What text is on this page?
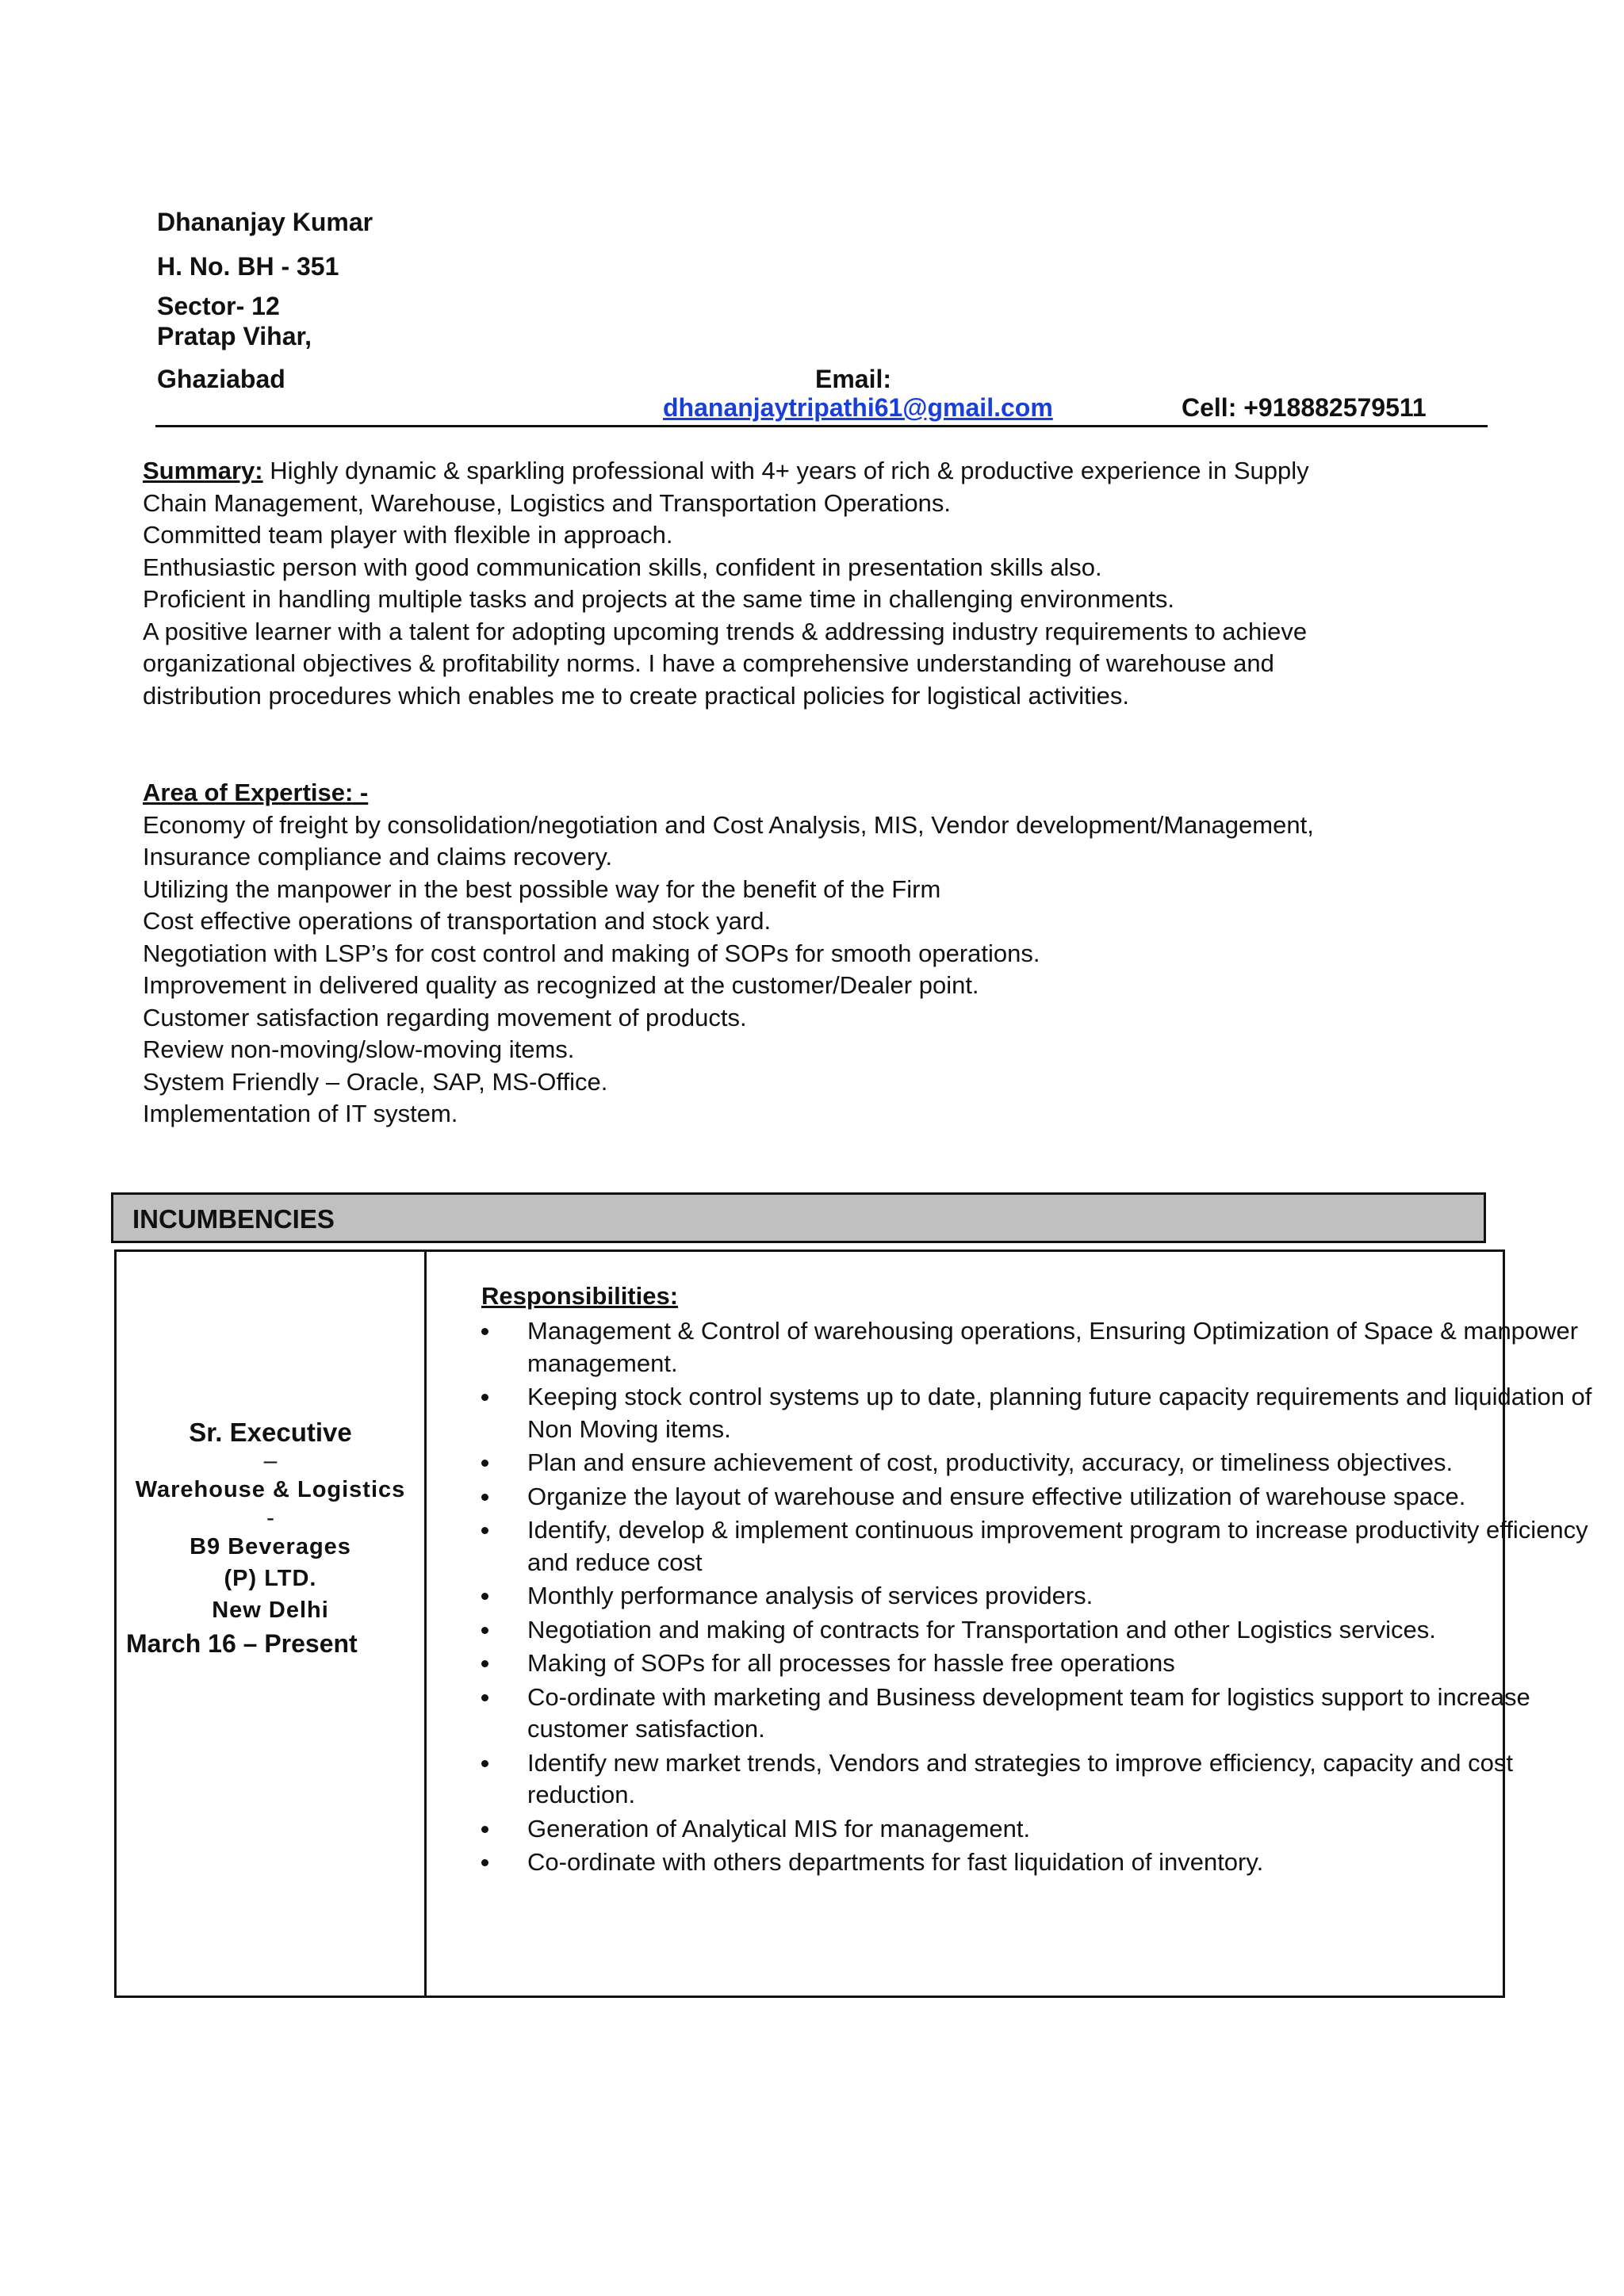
Dhananjay Kumar
H. No. BH - 351
Sector- 12
Pratap Vihar,
Ghaziabad	Email:
dhananjaytripathi61@gmail.com	Cell: +918882579511

Summary: Highly dynamic & sparkling professional with 4+ years of rich & productive experience in Supply Chain Management, Warehouse, Logistics and Transportation Operations.

Committed team player with flexible in approach.

Enthusiastic person with good communication skills, confident in presentation skills also.

Proficient in handling multiple tasks and projects at the same time in challenging environments.

A positive learner with a talent for adopting upcoming trends & addressing industry requirements to achieve organizational objectives & profitability norms. I have a comprehensive understanding of warehouse and distribution procedures which enables me to create practical policies for logistical activities.

Area of Expertise: -

Economy of freight by consolidation/negotiation and Cost Analysis, MIS, Vendor development/Management, Insurance compliance and claims recovery.

Utilizing the manpower in the best possible way for the benefit of the Firm

Cost effective operations of transportation and stock yard.

Negotiation with LSP’s for cost control and making of SOPs for smooth operations.

Improvement in delivered quality as recognized at the customer/Dealer point.

Customer satisfaction regarding movement of products.

Review non-moving/slow-moving items.

System Friendly – Oracle, SAP, MS-Office.

Implementation of IT system.

INCUMBENCIES
Sr. Executive
–
Warehouse & Logistics
-
B9 Beverages
(P) LTD.
New Delhi
March 16 – Present
Responsibilities:
Management & Control of warehousing operations, Ensuring Optimization of Space & manpower management.
Keeping stock control systems up to date, planning future capacity requirements and liquidation of Non Moving items.
Plan and ensure achievement of cost, productivity, accuracy, or timeliness objectives.
Organize the layout of warehouse and ensure effective utilization of warehouse space.
Identify, develop & implement continuous improvement program to increase productivity efficiency and reduce cost
Monthly performance analysis of services providers.
Negotiation and making of contracts for Transportation and other Logistics services.
Making of SOPs for all processes for hassle free operations
Co-ordinate with marketing and Business development team for logistics support to increase customer satisfaction.
Identify new market trends, Vendors and strategies to improve efficiency, capacity and cost reduction.
Generation of Analytical MIS for management.
Co-ordinate with others departments for fast liquidation of inventory.
